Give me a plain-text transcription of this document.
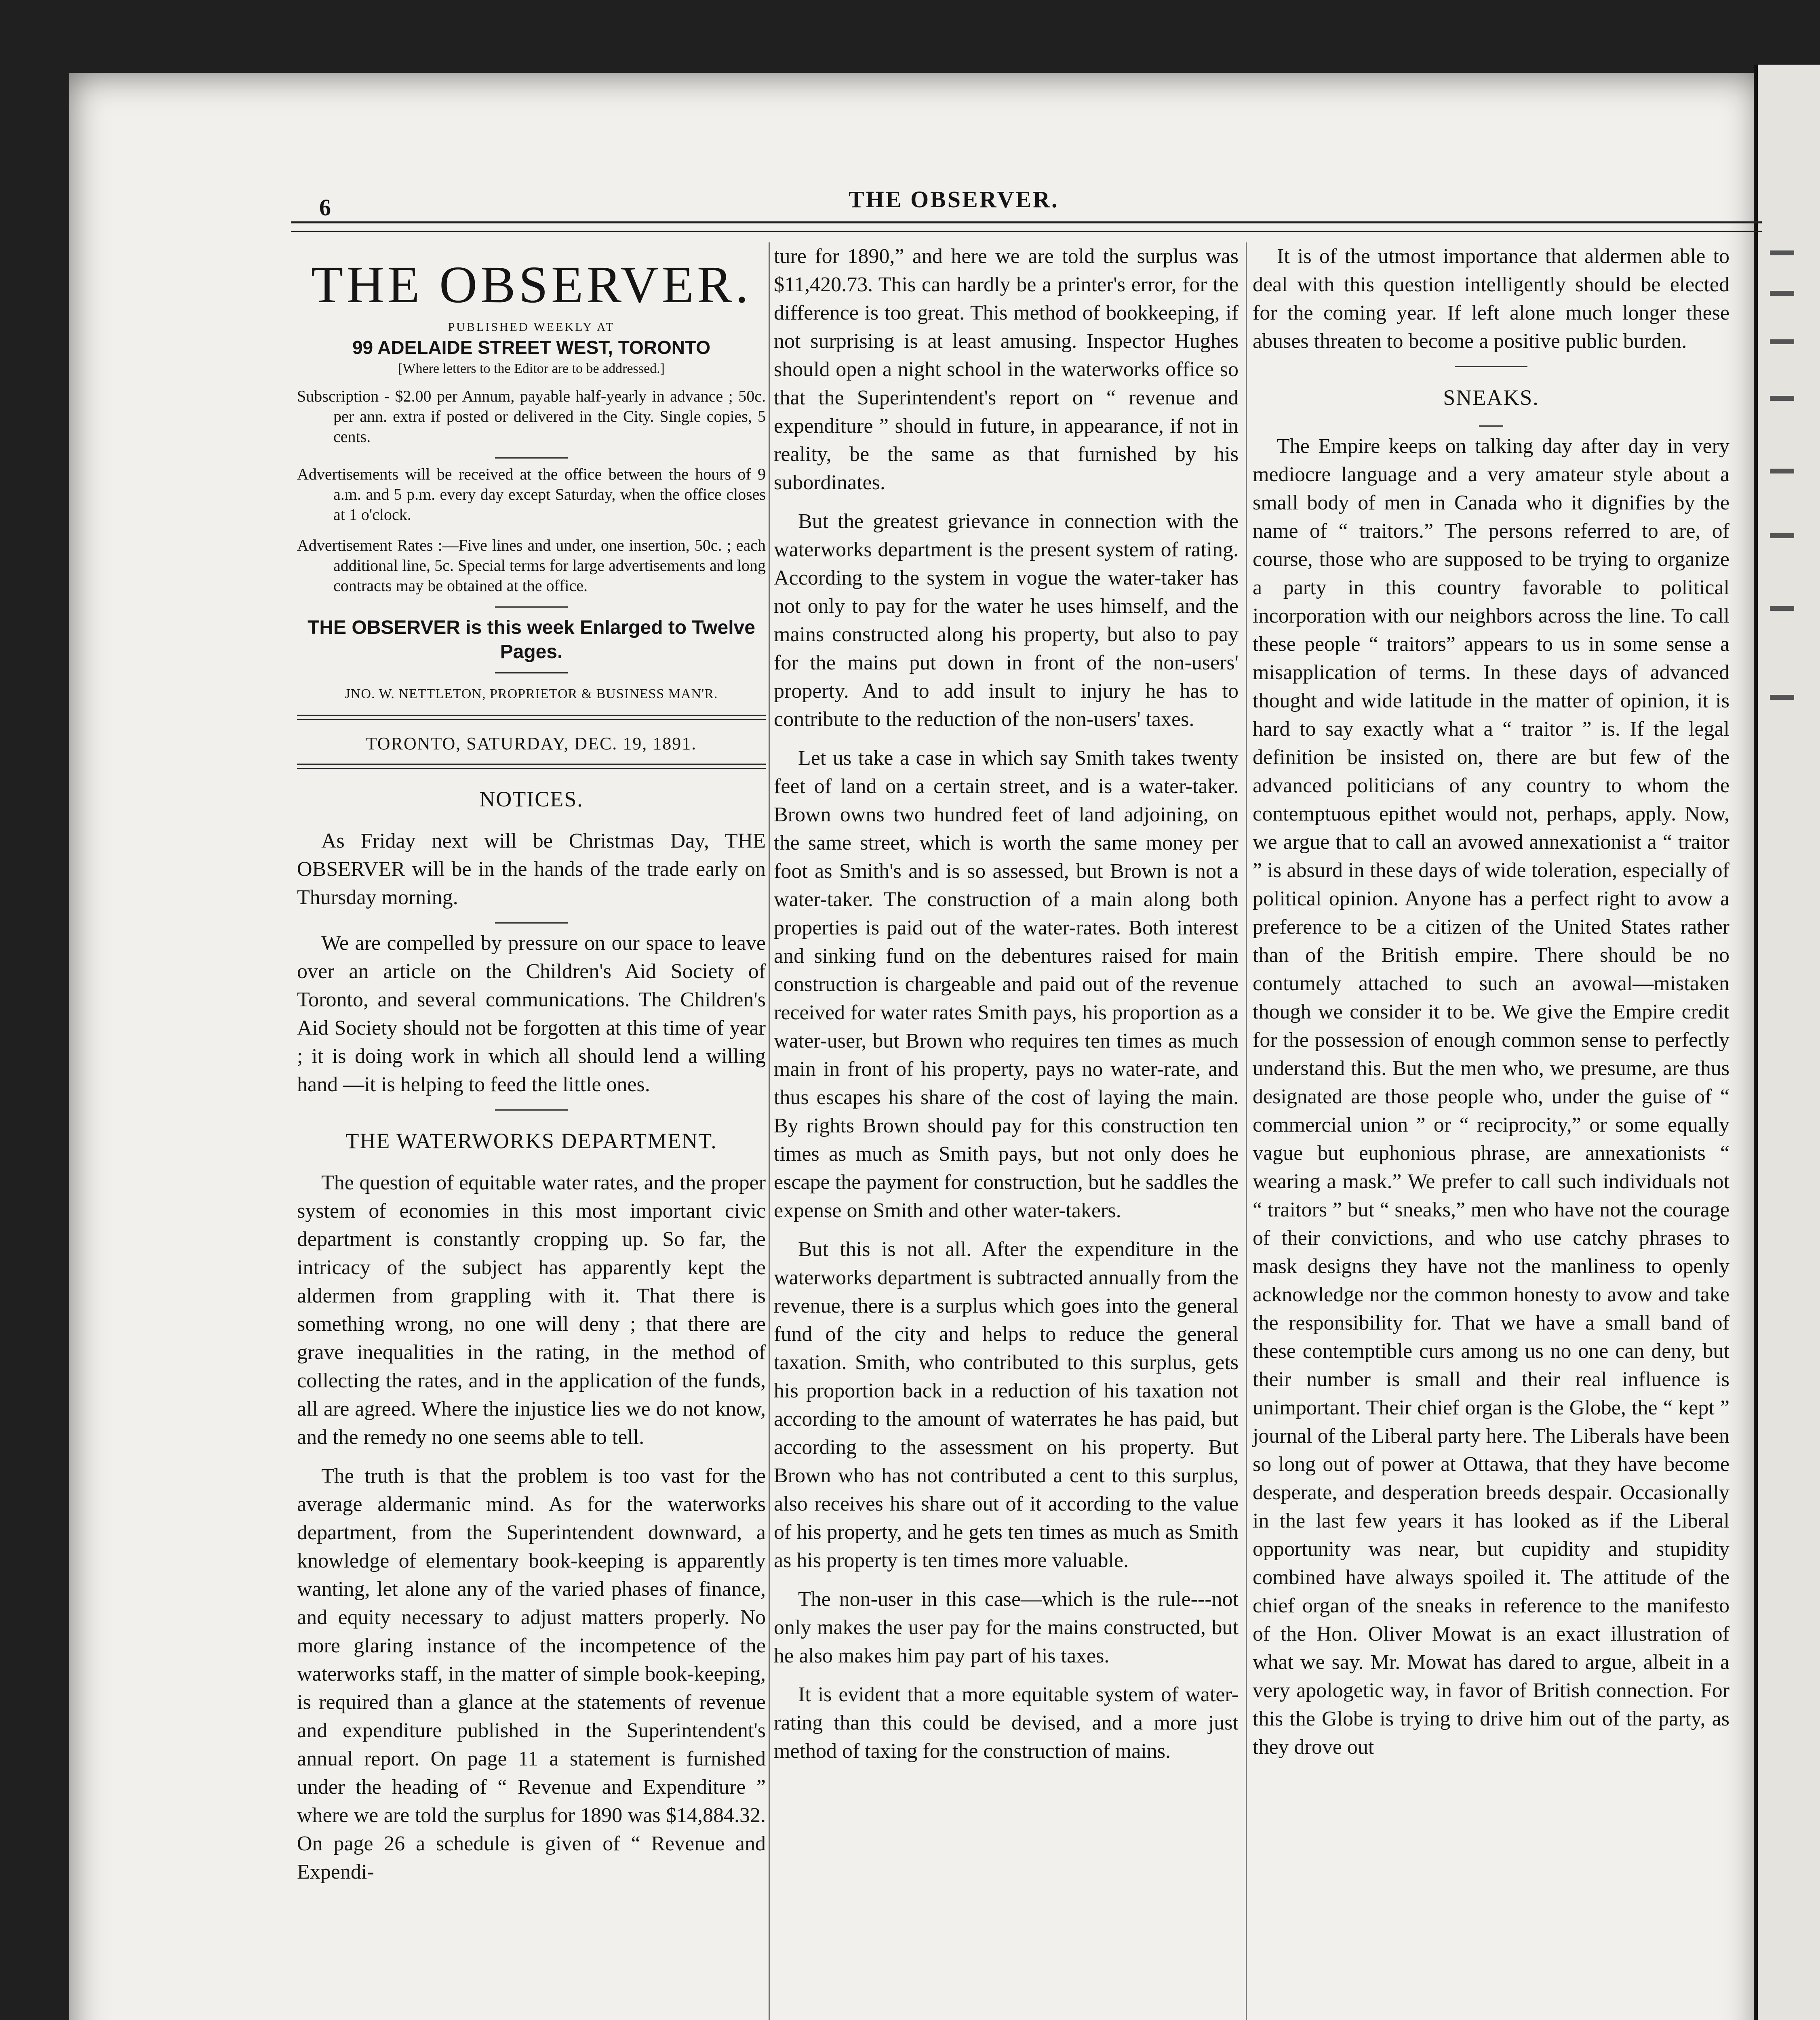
6	THE OBSERVER.
THE OBSERVER.
PUBLISHED WEEKLY AT
99 ADELAIDE STREET WEST, TORONTO
[Where letters to the Editor are to be addressed.]

Subscription - $2.00 per Annum, payable half-yearly in advance ; 50c. per ann. extra if posted or delivered in the City. Single copies, 5 cents.

Advertisements will be received at the office between the hours of 9 a.m. and 5 p.m. every day except Saturday, when the office closes at 1 o'clock.

Advertisement Rates :—Five lines and under, one insertion, 50c. ; each additional line, 5c. Special terms for large advertisements and long contracts may be obtained at the office.

THE OBSERVER is this week Enlarged to Twelve Pages.
JNO. W. NETTLETON, PROPRIETOR & BUSINESS MAN'R.
TORONTO, SATURDAY, DEC. 19, 1891.
NOTICES.

As Friday next will be Christmas Day, THE OBSERVER will be in the hands of the trade early on Thursday morning.

We are compelled by pressure on our space to leave over an article on the Children's Aid Society of Toronto, and several communications. The Children's Aid Society should not be forgotten at this time of year ; it is doing work in which all should lend a willing hand —it is helping to feed the little ones.

THE WATERWORKS DEPARTMENT.

The question of equitable water rates, and the proper system of economies in this most important civic department is constantly cropping up. So far, the intricacy of the subject has apparently kept the aldermen from grappling with it. That there is something wrong, no one will deny ; that there are grave inequalities in the rating, in the method of collecting the rates, and in the application of the funds, all are agreed. Where the injustice lies we do not know, and the remedy no one seems able to tell.

The truth is that the problem is too vast for the average aldermanic mind. As for the waterworks department, from the Superintendent downward, a knowledge of elementary book-keeping is apparently wanting, let alone any of the varied phases of finance, and equity necessary to adjust matters properly. No more glaring instance of the incompetence of the waterworks staff, in the matter of simple book-keeping, is required than a glance at the statements of revenue and expenditure published in the Superintendent's annual report. On page 11 a statement is furnished under the heading of “ Revenue and Expenditure ” where we are told the surplus for 1890 was $14,884.32. On page 26 a schedule is given of “ Revenue and Expendi-

ture for 1890,” and here we are told the surplus was $11,420.73. This can hardly be a printer's error, for the difference is too great. This method of bookkeeping, if not surprising is at least amusing. Inspector Hughes should open a night school in the waterworks office so that the Superintendent's report on “ revenue and expenditure ” should in future, in appearance, if not in reality, be the same as that furnished by his subordinates.

But the greatest grievance in connection with the waterworks department is the present system of rating. According to the system in vogue the water-taker has not only to pay for the water he uses himself, and the mains constructed along his property, but also to pay for the mains put down in front of the non-users' property. And to add insult to injury he has to contribute to the reduction of the non-users' taxes.

Let us take a case in which say Smith takes twenty feet of land on a certain street, and is a water-taker. Brown owns two hundred feet of land adjoining, on the same street, which is worth the same money per foot as Smith's and is so assessed, but Brown is not a water-taker. The construction of a main along both properties is paid out of the water-rates. Both interest and sinking fund on the debentures raised for main construction is chargeable and paid out of the revenue received for water rates Smith pays, his proportion as a water-user, but Brown who requires ten times as much main in front of his property, pays no water-rate, and thus escapes his share of the cost of laying the main. By rights Brown should pay for this construction ten times as much as Smith pays, but not only does he escape the payment for construction, but he saddles the expense on Smith and other water-takers.

But this is not all. After the expenditure in the waterworks department is subtracted annually from the revenue, there is a surplus which goes into the general fund of the city and helps to reduce the general taxation. Smith, who contributed to this surplus, gets his proportion back in a reduction of his taxation not according to the amount of waterrates he has paid, but according to the assessment on his property. But Brown who has not contributed a cent to this surplus, also receives his share out of it according to the value of his property, and he gets ten times as much as Smith as his property is ten times more valuable.

The non-user in this case—which is the rule---not only makes the user pay for the mains constructed, but he also makes him pay part of his taxes.

It is evident that a more equitable system of water-rating than this could be devised, and a more just method of taxing for the construction of mains.

It is of the utmost importance that aldermen able to deal with this question intelligently should be elected for the coming year. If left alone much longer these abuses threaten to become a positive public burden.

SNEAKS.

The Empire keeps on talking day after day in very mediocre language and a very amateur style about a small body of men in Canada who it dignifies by the name of “ traitors.” The persons referred to are, of course, those who are supposed to be trying to organize a party in this country favorable to political incorporation with our neighbors across the line. To call these people “ traitors” appears to us in some sense a misapplication of terms. In these days of advanced thought and wide latitude in the matter of opinion, it is hard to say exactly what a “ traitor ” is. If the legal definition be insisted on, there are but few of the advanced politicians of any country to whom the contemptuous epithet would not, perhaps, apply. Now, we argue that to call an avowed annexationist a “ traitor ” is absurd in these days of wide toleration, especially of political opinion. Anyone has a perfect right to avow a preference to be a citizen of the United States rather than of the British empire. There should be no contumely attached to such an avowal—mistaken though we consider it to be. We give the Empire credit for the possession of enough common sense to perfectly understand this. But the men who, we presume, are thus designated are those people who, under the guise of “ commercial union ” or “ reciprocity,” or some equally vague but euphonious phrase, are annexationists “ wearing a mask.” We prefer to call such individuals not “ traitors ” but “ sneaks,” men who have not the courage of their convictions, and who use catchy phrases to mask designs they have not the manliness to openly acknowledge nor the common honesty to avow and take the responsibility for. That we have a small band of these contemptible curs among us no one can deny, but their number is small and their real influence is unimportant. Their chief organ is the Globe, the “ kept ” journal of the Liberal party here. The Liberals have been so long out of power at Ottawa, that they have become desperate, and desperation breeds despair. Occasionally in the last few years it has looked as if the Liberal opportunity was near, but cupidity and stupidity combined have always spoiled it. The attitude of the chief organ of the sneaks in reference to the manifesto of the Hon. Oliver Mowat is an exact illustration of what we say. Mr. Mowat has dared to argue, albeit in a very apologetic way, in favor of British connection. For this the Globe is trying to drive him out of the party, as they drove out
